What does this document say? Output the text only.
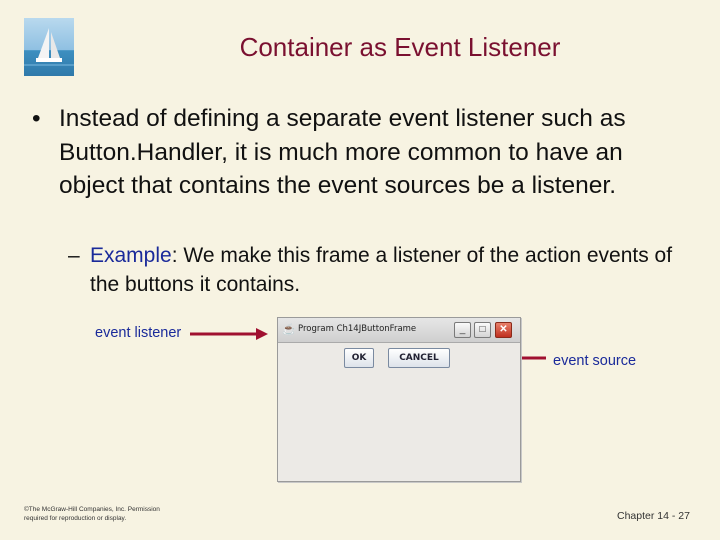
Container as Event Listener
• Instead of defining a separate event listener such as Button.Handler, it is much more common to have an object that contains the event sources be a listener.
– Example: We make this frame a listener of the action events of the buttons it contains.
event listener
event source
☕ Program Ch14JButtonFrame	_	□	✕
OK	CANCEL
©The McGraw-Hill Companies, Inc. Permission required for reproduction or display.	Chapter 14 - 27
